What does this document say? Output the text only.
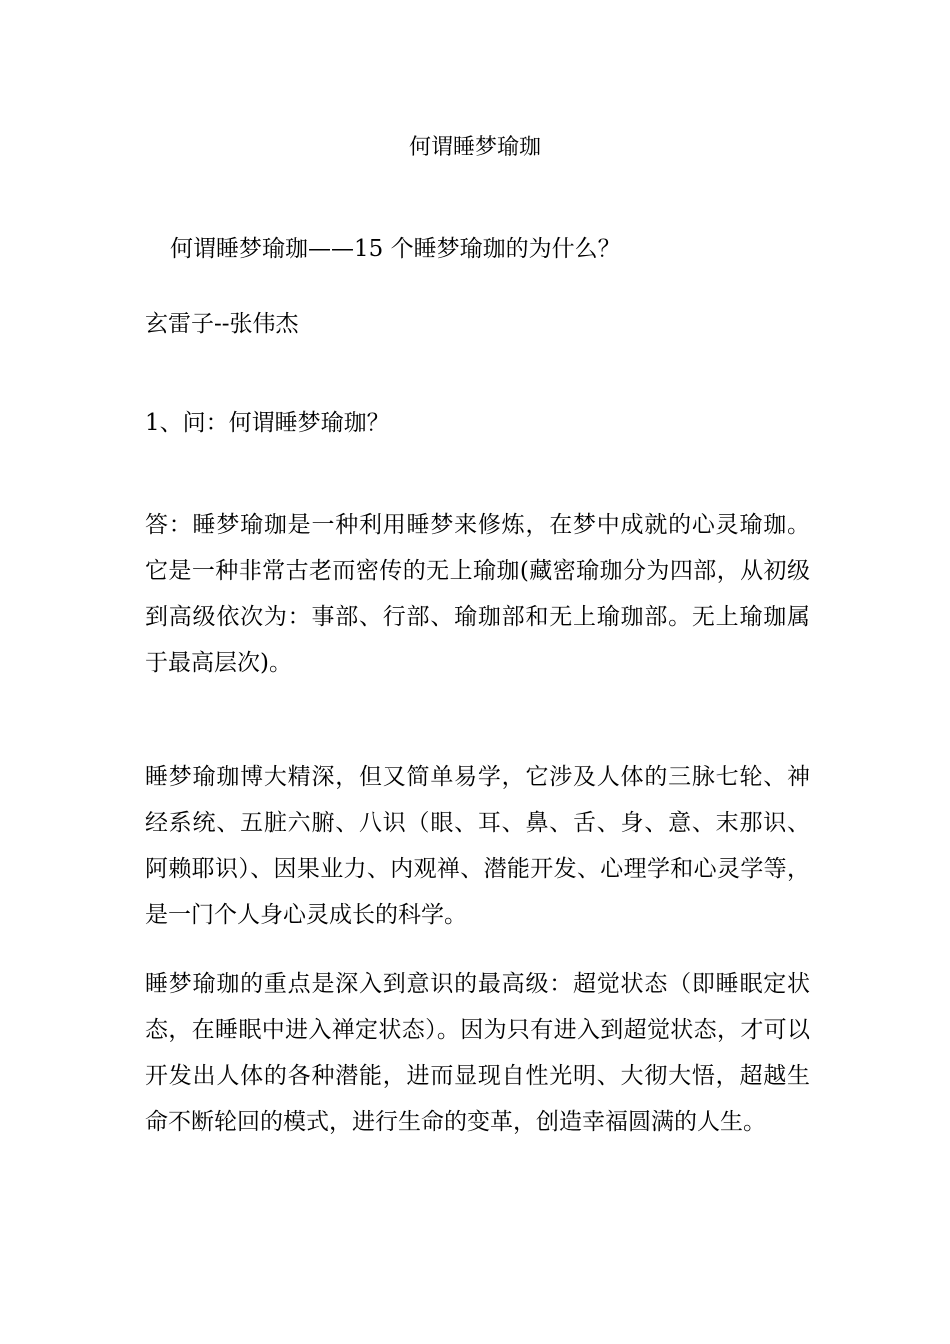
何谓睡梦瑜珈
何谓睡梦瑜珈——15 个睡梦瑜珈的为什么？
玄雷子--张伟杰
1、问：何谓睡梦瑜珈？
答：睡梦瑜珈是一种利用睡梦来修炼，在梦中成就的心灵瑜珈。它是一种非常古老而密传的无上瑜珈(藏密瑜珈分为四部，从初级到高级依次为：事部、行部、瑜珈部和无上瑜珈部。无上瑜珈属于最高层次)。
睡梦瑜珈博大精深，但又简单易学，它涉及人体的三脉七轮、神经系统、五脏六腑、八识（眼、耳、鼻、舌、身、意、末那识、阿赖耶识）、因果业力、内观禅、潜能开发、心理学和心灵学等，是一门个人身心灵成长的科学。
睡梦瑜珈的重点是深入到意识的最高级：超觉状态（即睡眠定状态，在睡眠中进入禅定状态）。因为只有进入到超觉状态，才可以开发出人体的各种潜能，进而显现自性光明、大彻大悟，超越生命不断轮回的模式，进行生命的变革，创造幸福圆满的人生。
